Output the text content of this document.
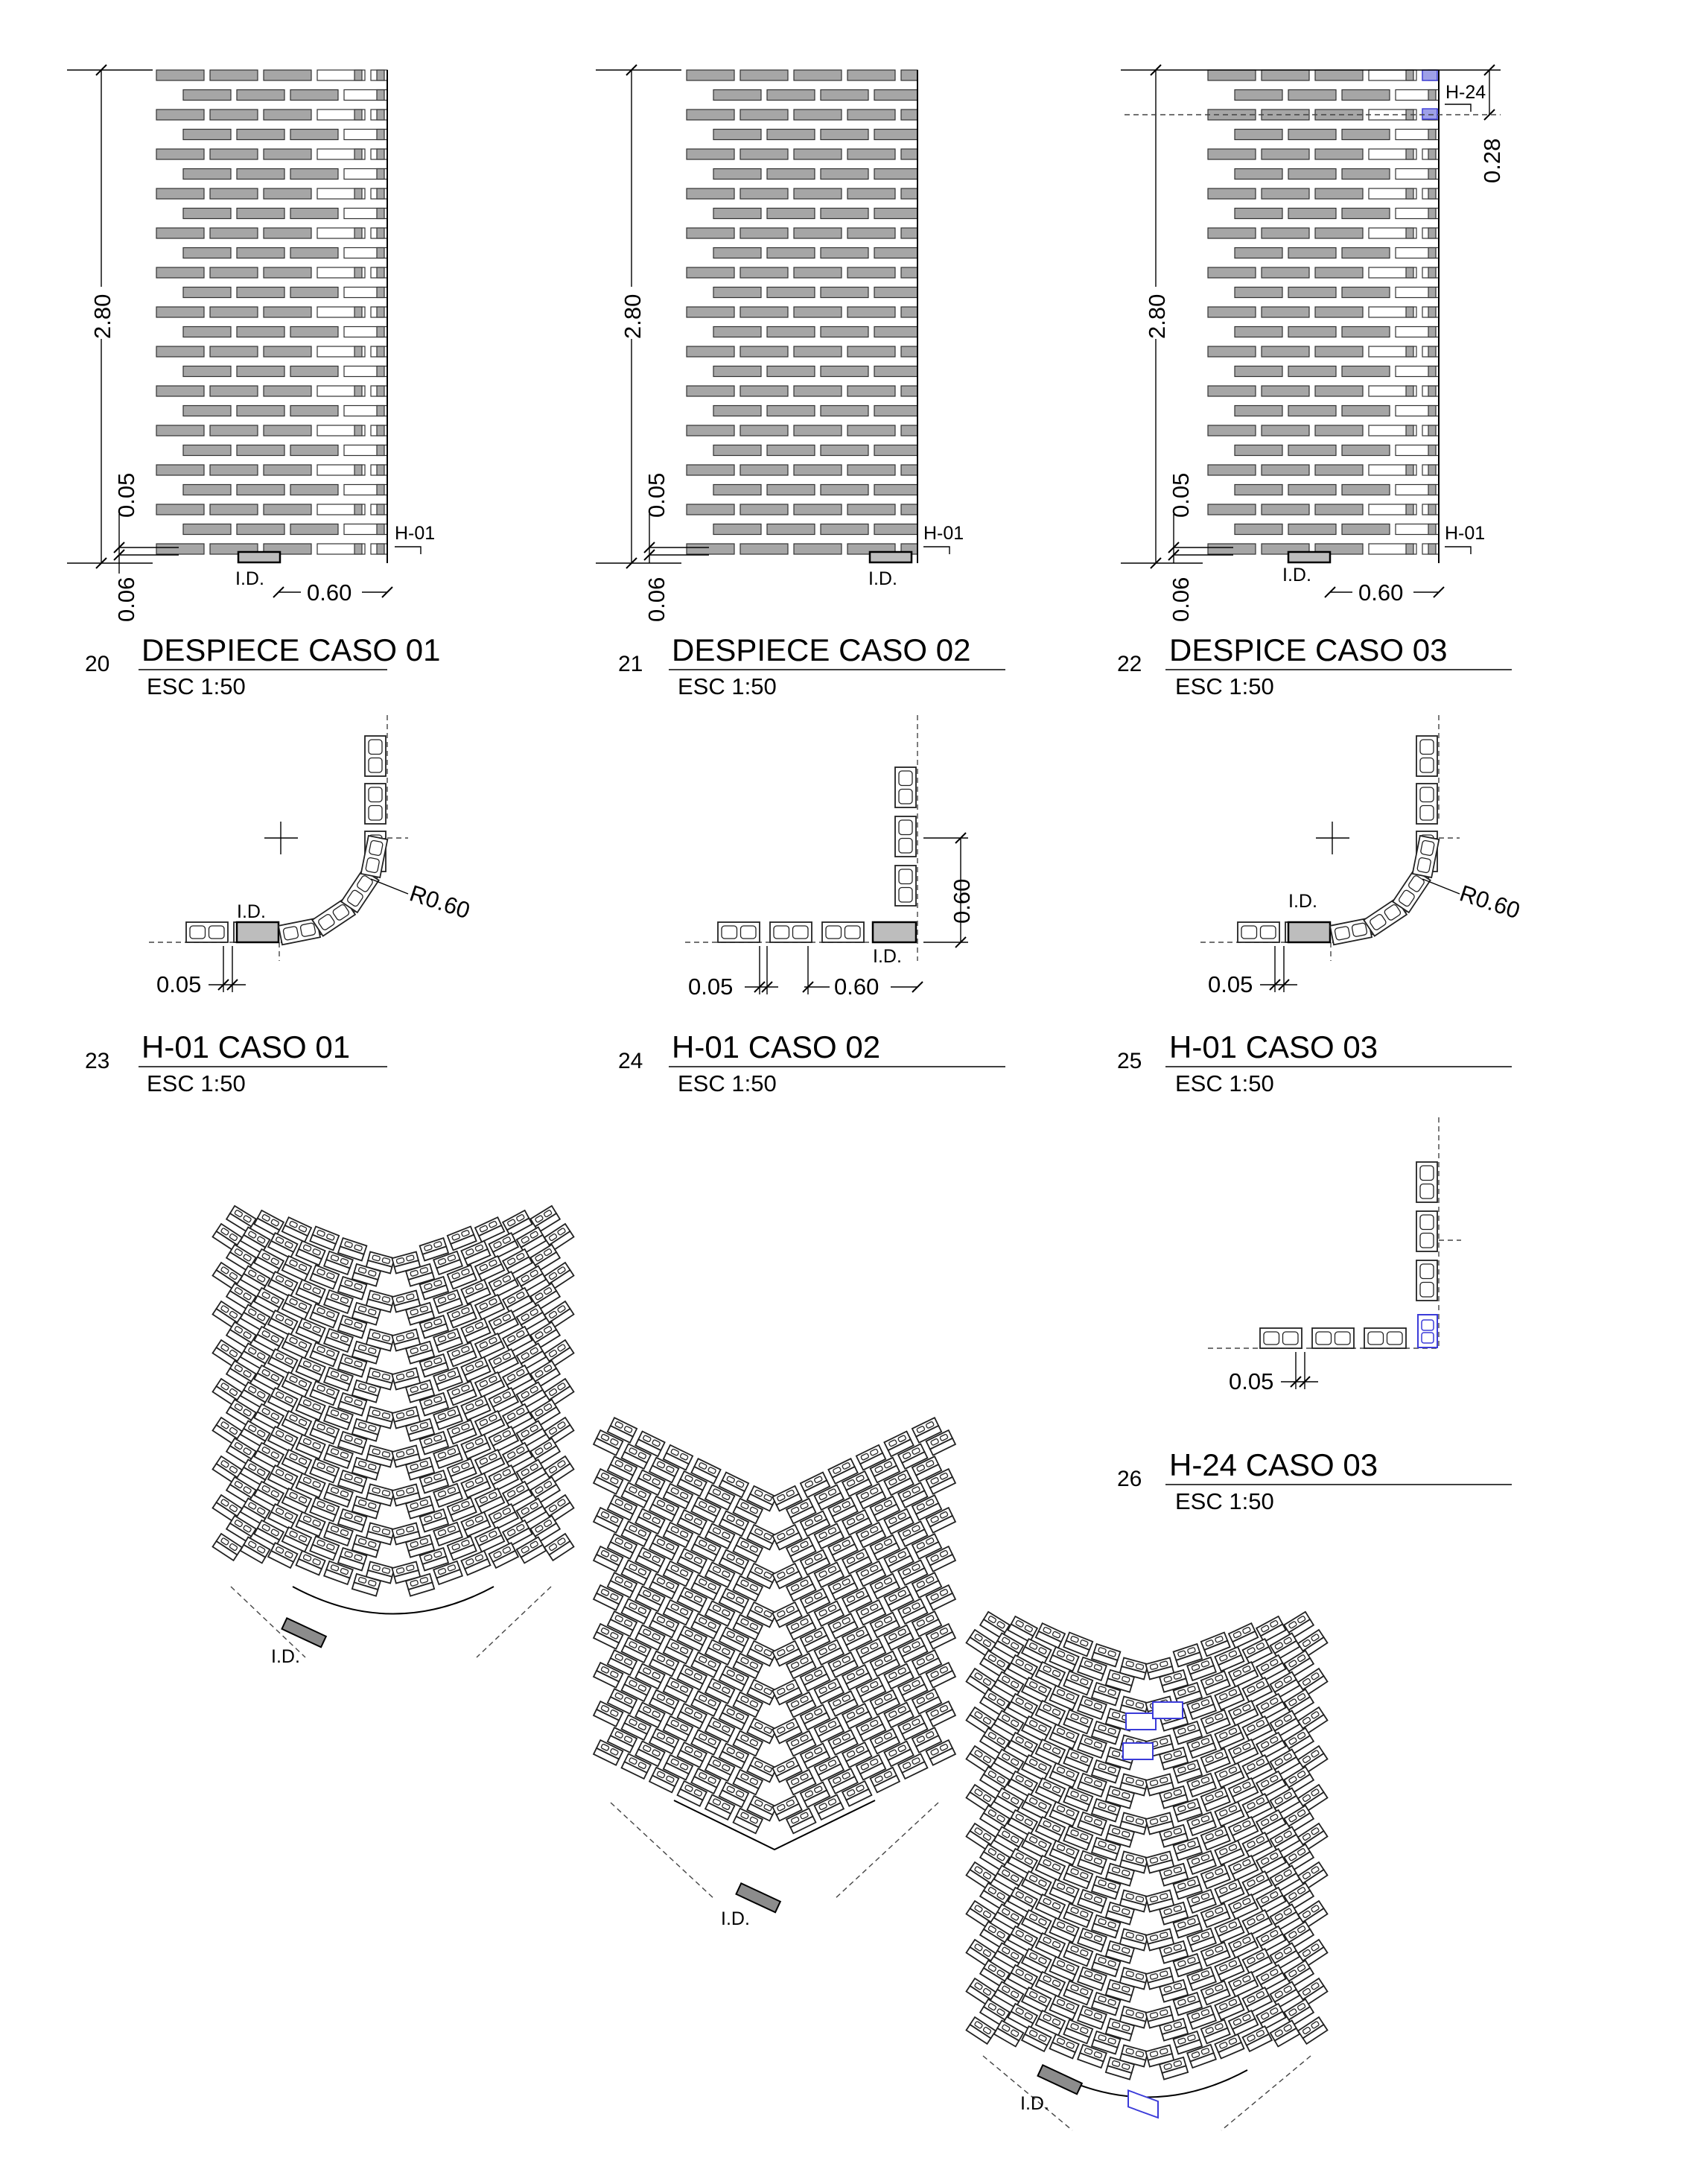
2.80
0.05
0.06	I.D.
0.60
H-01
20 DESPIECE CASO 01
ESC 1:50
2.80
0.05
0.06	I.D.
H-01
21 DESPIECE CASO 02
ESC 1:50
2.80
0.05
0.06
I.D.
0.60
H-01
H-24
0.28
22 DESPICE CASO 03
ESC 1:50
I.D.	R0.60
0.05
23 H-01 CASO 01
ESC 1:50
I.D.
0.60
0.05	0.60
24 H-01 CASO 02
ESC 1:50
I.D.	R0.60
0.05
25 H-01 CASO 03
ESC 1:50
0.05
26 H-24 CASO 03
ESC 1:50
I.D.
I.D.
I.D.
